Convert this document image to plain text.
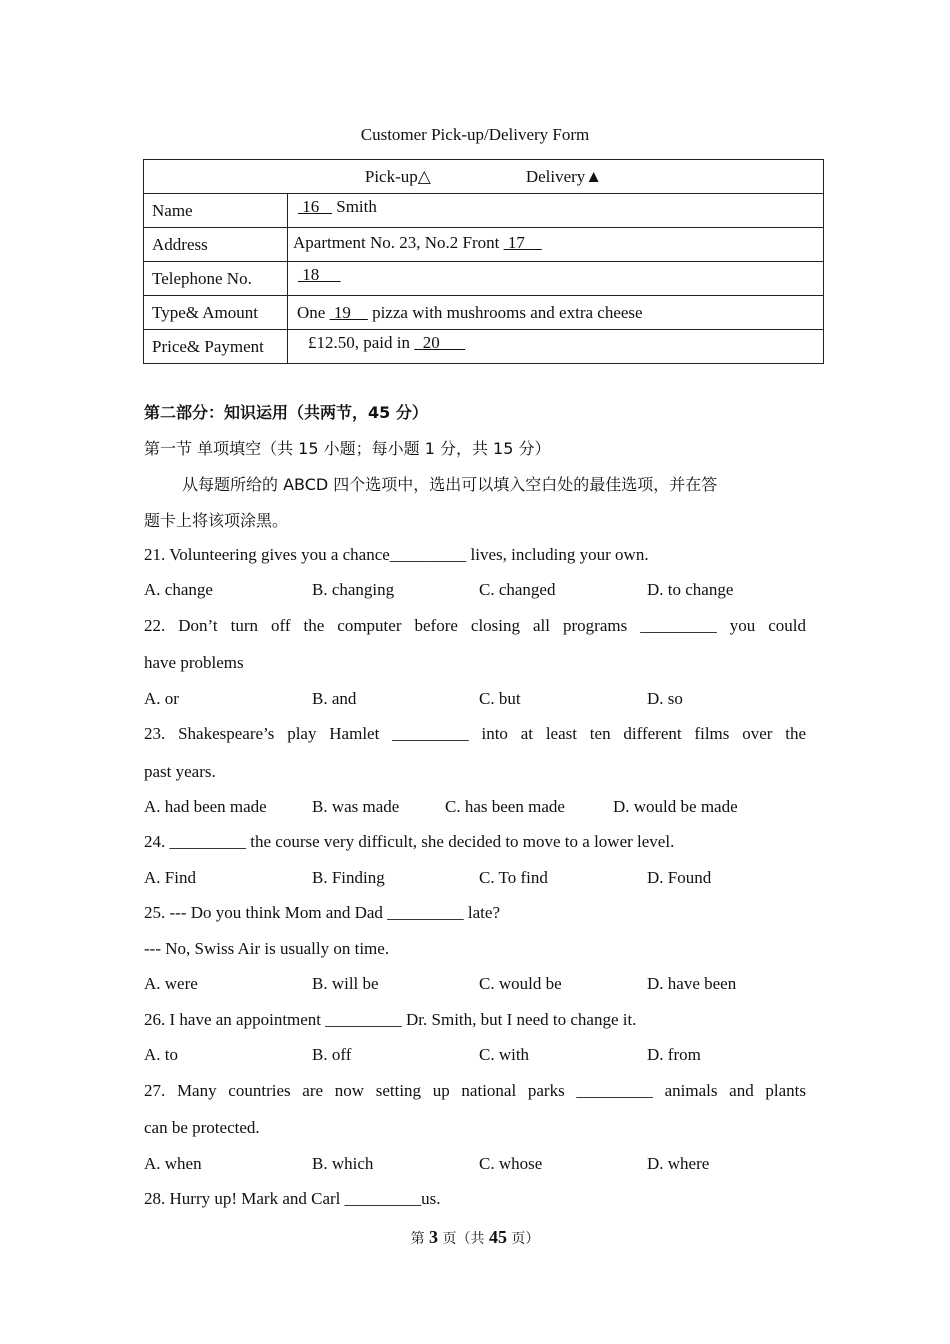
Customer Pick-up/Delivery Form
Pick-up△ Delivery▲	
Name	16    Smith
Address	Apartment No. 23, No.2 Front  17
Telephone No.	18
Type& Amount	One  19     pizza with mushrooms and extra cheese
Price& Payment	£12.50, paid in   20
第二部分：知识运用（共两节，45 分）
第一节 单项填空（共 15 小题；每小题 1 分，共 15 分）
从每题所给的 ABCD 四个选项中，选出可以填入空白处的最佳选项，并在答
题卡上将该项涂黑。
21. Volunteering gives you a chance_________ lives, including your own.
A. change	B. changing	C. changed	D. to change
22. Don’t turn off the computer before closing all programs _________ you could
have problems
A. or	B. and	C. but	D. so
23. Shakespeare’s play Hamlet _________ into at least ten different films over the
past years.
A. had been made	B. was made	C. has been made	D. would be made
24. _________ the course very difficult, she decided to move to a lower level.
A. Find	B. Finding	C. To find	D. Found
25. --- Do you think Mom and Dad _________ late?
--- No, Swiss Air is usually on time.
A. were	B. will be	C. would be	D. have been
26. I have an appointment _________ Dr. Smith, but I need to change it.
A. to	B. off	C. with	D. from
27. Many countries are now setting up national parks _________ animals and plants
can be protected.
A. when	B. which	C. whose	D. where
28. Hurry up! Mark and Carl _________us.
第 3 页（共 45 页）
